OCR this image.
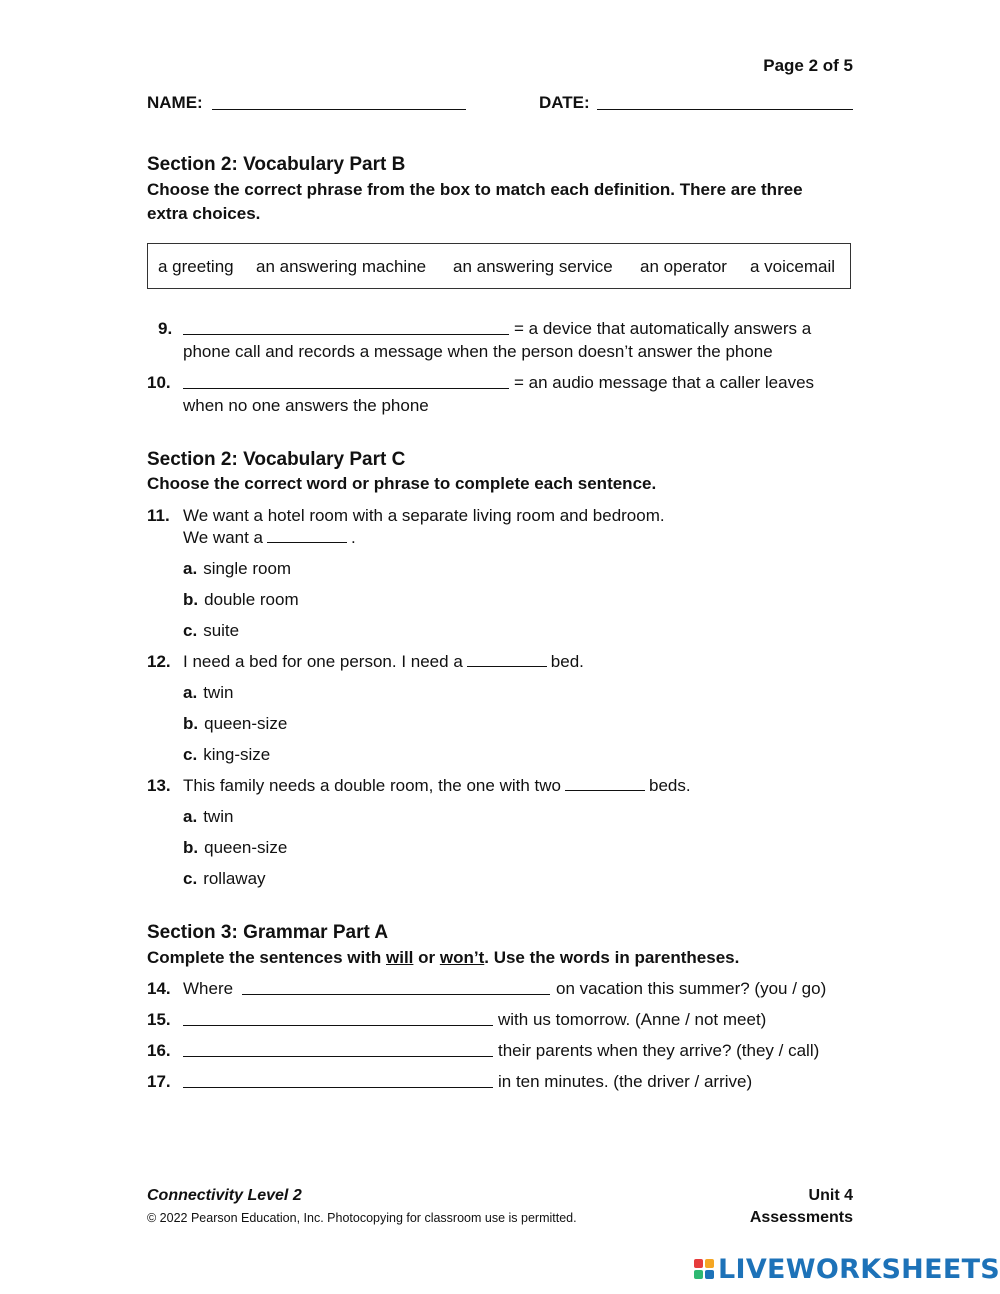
Page 2 of 5
NAME:	DATE:
Section 2: Vocabulary Part B
Choose the correct phrase from the box to match each definition. There are three
extra choices.
a greeting an answering machine an answering service an operator a voicemail
9.	= a device that automatically answers a
phone call and records a message when the person doesn’t answer the phone
10.	= an audio message that a caller leaves
when no one answers the phone
Section 2: Vocabulary Part C
Choose the correct word or phrase to complete each sentence.
11. We want a hotel room with a separate living room and bedroom.
We want a	.
a. single room
b. double room
c. suite
12. I need a bed for one person. I need a	bed.
a. twin
b. queen-size
c. king-size
13. This family needs a double room, the one with two	beds.
a. twin
b. queen-size
c. rollaway
Section 3: Grammar Part A
Complete the sentences with will or won’t. Use the words in parentheses.
14. Where	on vacation this summer? (you / go)
15.	with us tomorrow. (Anne / not meet)
16.	their parents when they arrive? (they / call)
17.	in ten minutes. (the driver / arrive)
Connectivity Level 2
© 2022 Pearson Education, Inc. Photocopying for classroom use is permitted.
Unit 4
Assessments
LIVEWORKSHEETS
